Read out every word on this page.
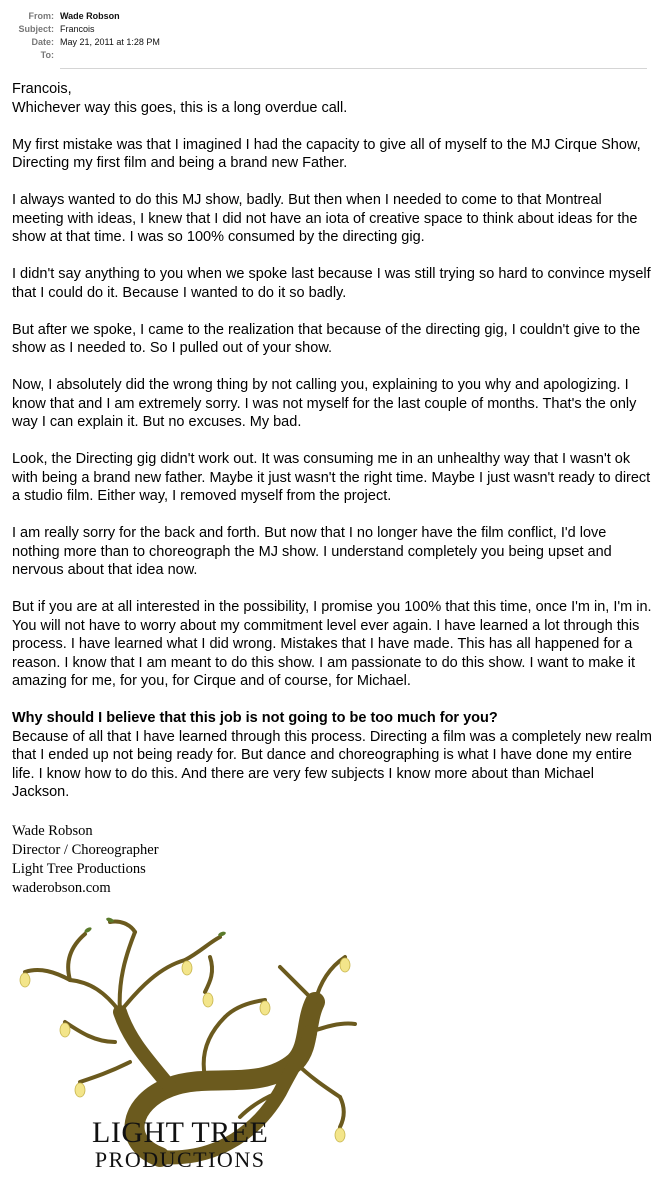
From: Wade Robson
Subject: Francois
Date: May 21, 2011 at 1:28 PM
To:
Francois,
Whichever way this goes, this is a long overdue call.
My first mistake was that I imagined I had the capacity to give all of myself to the MJ Cirque Show, Directing my first film and being a brand new Father.
I always wanted to do this MJ show, badly. But then when I needed to come to that Montreal meeting with ideas, I knew that I did not have an iota of creative space to think about ideas for the show at that time. I was so 100% consumed by the directing gig.
I didn't say anything to you when we spoke last because I was still trying so hard to convince myself that I could do it. Because I wanted to do it so badly.
But after we spoke, I came to the realization that because of the directing gig, I couldn't give to the show as I needed to. So I pulled out of your show.
Now, I absolutely did the wrong thing by not calling you, explaining to you why and apologizing. I know that and I am extremely sorry. I was not myself for the last couple of months. That's the only way I can explain it. But no excuses. My bad.
Look, the Directing gig didn't work out. It was consuming me in an unhealthy way that I wasn't ok with being a brand new father. Maybe it just wasn't the right time. Maybe I just wasn't ready to direct a studio film. Either way, I removed myself from the project.
I am really sorry for the back and forth. But now that I no longer have the film conflict, I'd love nothing more than to choreograph the MJ show. I understand completely you being upset and nervous about that idea now.
But if you are at all interested in the possibility, I promise you 100% that this time, once I'm in, I'm in. You will not have to worry about my commitment level ever again. I have learned a lot through this process. I have learned what I did wrong. Mistakes that I have made. This has all happened for a reason. I know that I am meant to do this show. I am passionate to do this show. I want to make it amazing for me, for you, for Cirque and of course, for Michael.
Why should I believe that this job is not going to be too much for you?
Because of all that I have learned through this process. Directing a film was a completely new realm that I ended up not being ready for. But dance and choreographing is what I have done my entire life. I know how to do this. And there are very few subjects I know more about than Michael Jackson.
Wade Robson
Director / Choreographer
Light Tree Productions
waderobson.com
LIGHT TREE
PRODUCTIONS
